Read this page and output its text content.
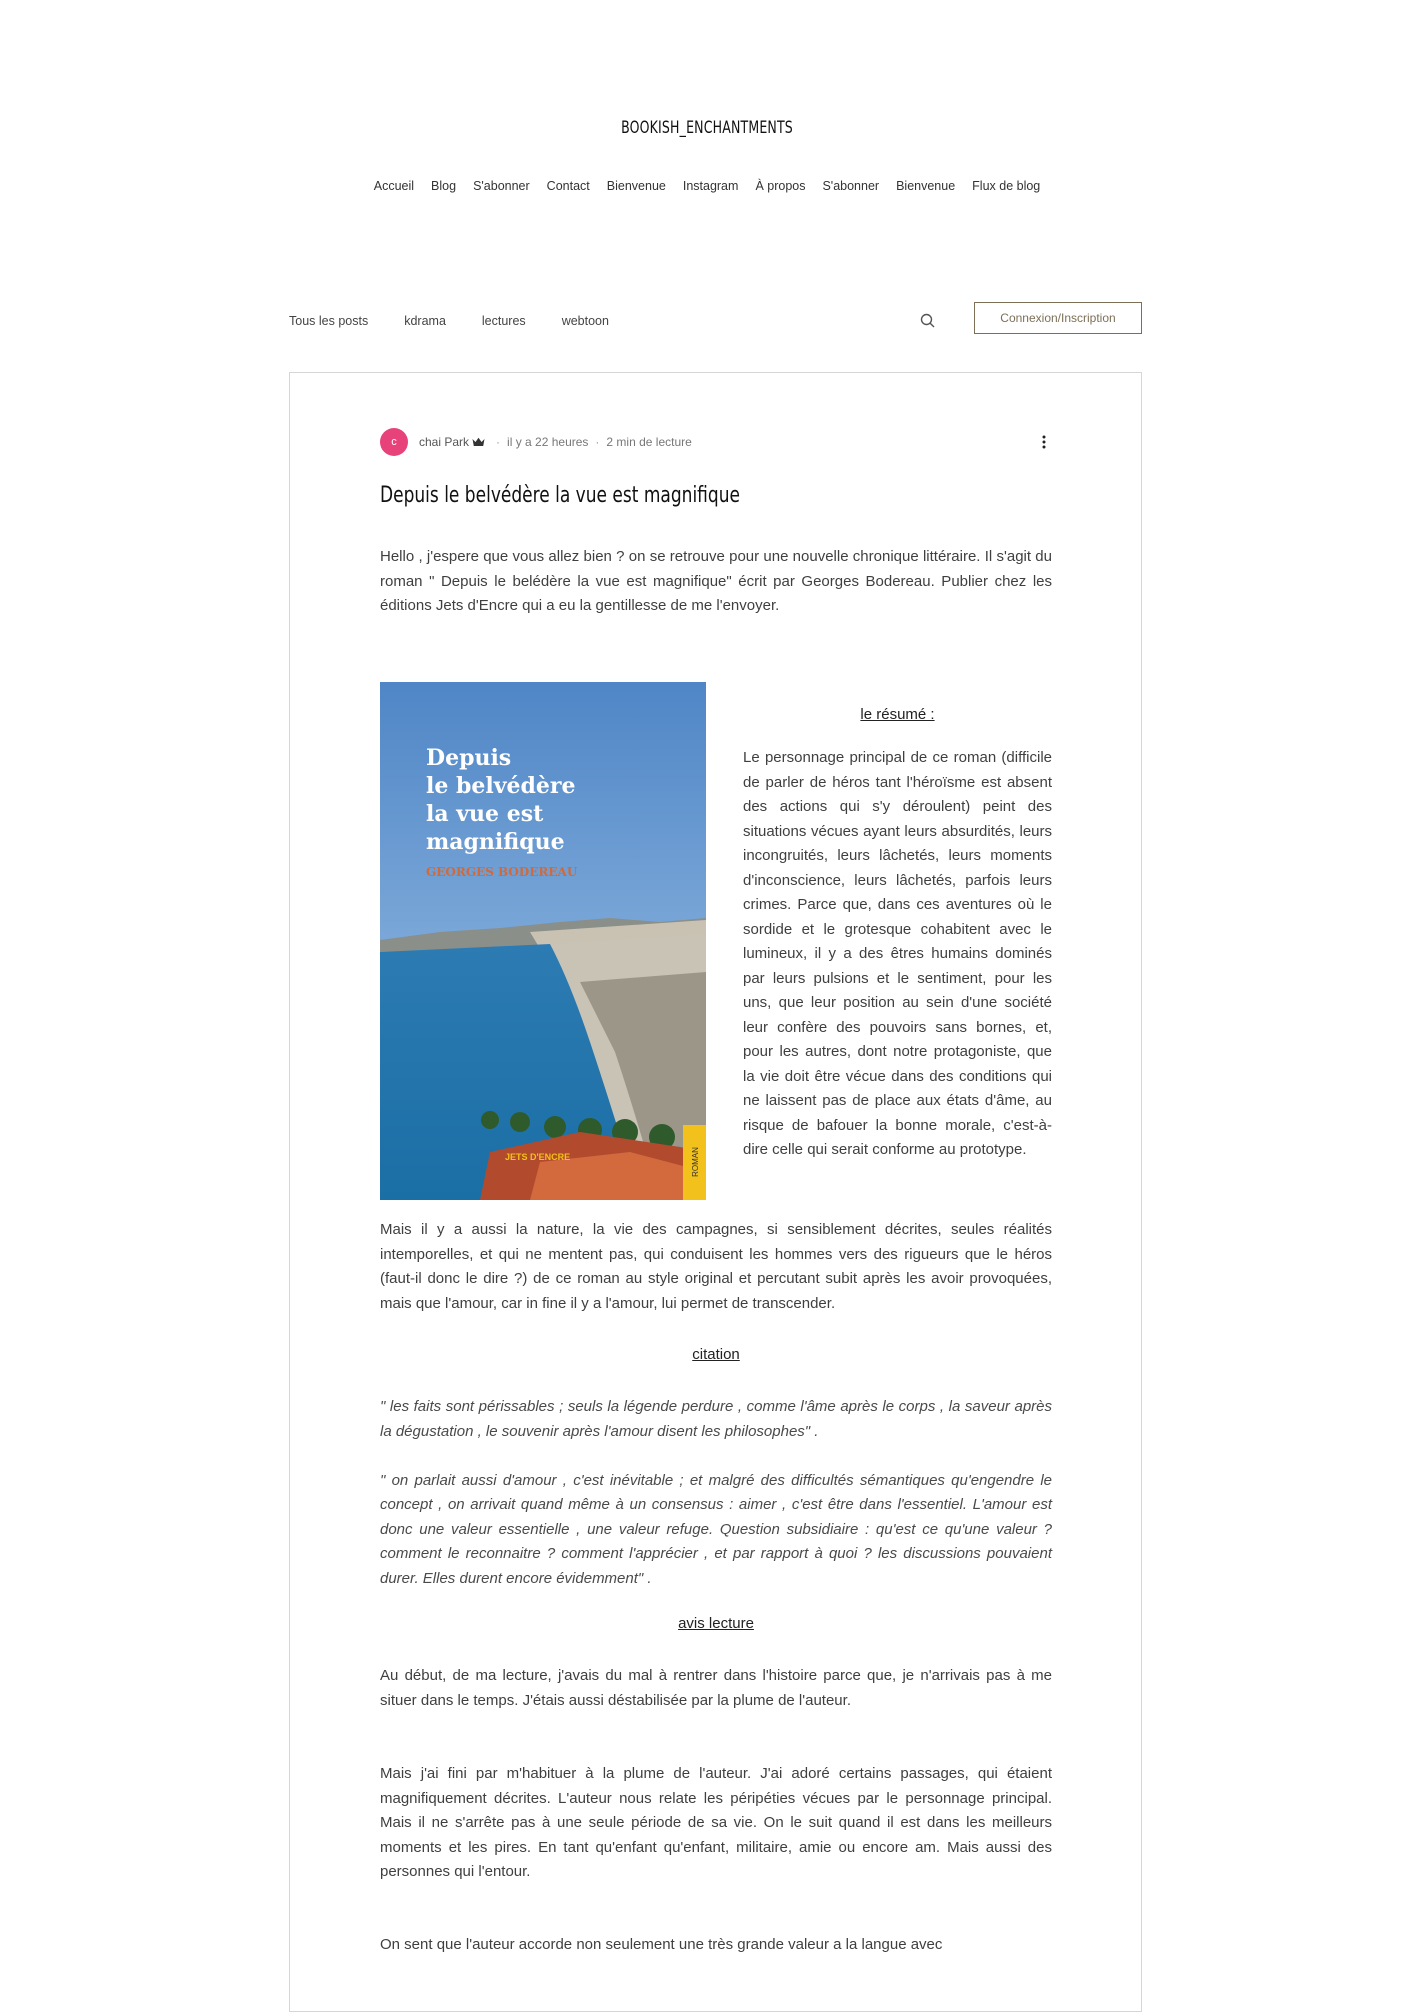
BOOKISH_ENCHANTMENTS
Accueil Blog S'abonner Contact Bienvenue Instagram À propos S'abonner Bienvenue Flux de blog
Tous les posts	kdrama	lectures	webtoon	Connexion/Inscription
c	chai Park · il y a 22 heures · 2 min de lecture
Depuis le belvédère la vue est magnifique

Hello , j'espere que vous allez bien ? on se retrouve pour une nouvelle chronique littéraire. Il s'agit du roman " Depuis le belédère la vue est magnifique" écrit par Georges Bodereau. Publier chez les éditions Jets d'Encre qui a eu la gentillesse de me l'envoyer.

ROMAN
Depuis
le belvédère
la vue est
magnifique
GEORGES BODEREAU
JETS D'ENCRE
le résumé :

Le personnage principal de ce roman (difficile de parler de héros tant l'héroïsme est absent des actions qui s'y déroulent) peint des situations vécues ayant leurs absurdités, leurs incongruités, leurs lâchetés, leurs moments d'inconscience, leurs lâchetés, parfois leurs crimes. Parce que, dans ces aventures où le sordide et le grotesque cohabitent avec le lumineux, il y a des êtres humains dominés par leurs pulsions et le sentiment, pour les uns, que leur position au sein d'une société leur confère des pouvoirs sans bornes, et, pour les autres, dont notre protagoniste, que la vie doit être vécue dans des conditions qui ne laissent pas de place aux états d'âme, au risque de bafouer la bonne morale, c'est-à-dire celle qui serait conforme au prototype.

Mais il y a aussi la nature, la vie des campagnes, si sensiblement décrites, seules réalités intemporelles, et qui ne mentent pas, qui conduisent les hommes vers des rigueurs que le héros (faut-il donc le dire ?) de ce roman au style original et percutant subit après les avoir provoquées, mais que l'amour, car in fine il y a l'amour, lui permet de transcender.

citation

" les faits sont périssables ; seuls la légende perdure , comme l'âme après le corps , la saveur après la dégustation , le souvenir après l'amour disent les philosophes" .

" on parlait aussi d'amour , c'est inévitable ; et malgré des difficultés sémantiques qu'engendre le concept , on arrivait quand même à un consensus : aimer , c'est être dans l'essentiel. L'amour est donc une valeur essentielle , une valeur refuge. Question subsidiaire : qu'est ce qu'une valeur ? comment le reconnaitre ? comment l'apprécier , et par rapport à quoi ? les discussions pouvaient durer. Elles durent encore évidemment" .

avis lecture

Au début, de ma lecture, j'avais du mal à rentrer dans l'histoire parce que, je n'arrivais pas à me situer dans le temps. J'étais aussi déstabilisée par la plume de l'auteur.

Mais j'ai fini par m'habituer à la plume de l'auteur. J'ai adoré certains passages, qui étaient magnifiquement décrites. L'auteur nous relate les péripéties vécues par le personnage principal. Mais il ne s'arrête pas à une seule période de sa vie. On le suit quand il est dans les meilleurs moments et les pires. En tant qu'enfant qu'enfant, militaire, amie ou encore am. Mais aussi des personnes qui l'entour.

On sent que l'auteur accorde non seulement une très grande valeur a la langue avec
